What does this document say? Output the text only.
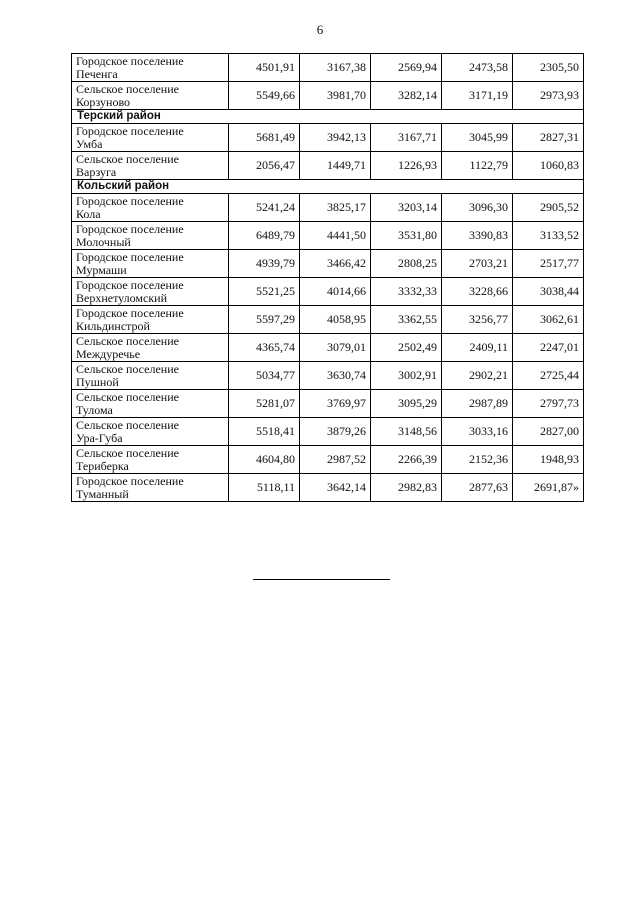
6
Городское поселение
Печенга	4501,91	3167,38	2569,94	2473,58	2305,50

Сельское поселение
Корзуново	5549,66	3981,70	3282,14	3171,19	2973,93
Терский район					

Городское поселение
Умба	5681,49	3942,13	3167,71	3045,99	2827,31

Сельское поселение
Варзуга	2056,47	1449,71	1226,93	1122,79	1060,83
Кольский район					

Городское поселение
Кола	5241,24	3825,17	3203,14	3096,30	2905,52

Городское поселение
Молочный	6489,79	4441,50	3531,80	3390,83	3133,52

Городское поселение
Мурмаши	4939,79	3466,42	2808,25	2703,21	2517,77

Городское поселение
Верхнетуломский	5521,25	4014,66	3332,33	3228,66	3038,44

Городское поселение
Кильдинстрой	5597,29	4058,95	3362,55	3256,77	3062,61

Сельское поселение
Междуречье	4365,74	3079,01	2502,49	2409,11	2247,01

Сельское поселение
Пушной	5034,77	3630,74	3002,91	2902,21	2725,44

Сельское поселение
Тулома	5281,07	3769,97	3095,29	2987,89	2797,73

Сельское поселение
Ура-Губа	5518,41	3879,26	3148,56	3033,16	2827,00

Сельское поселение
Териберка	4604,80	2987,52	2266,39	2152,36	1948,93

Городское поселение
Туманный	5118,11	3642,14	2982,83	2877,63	2691,87»
